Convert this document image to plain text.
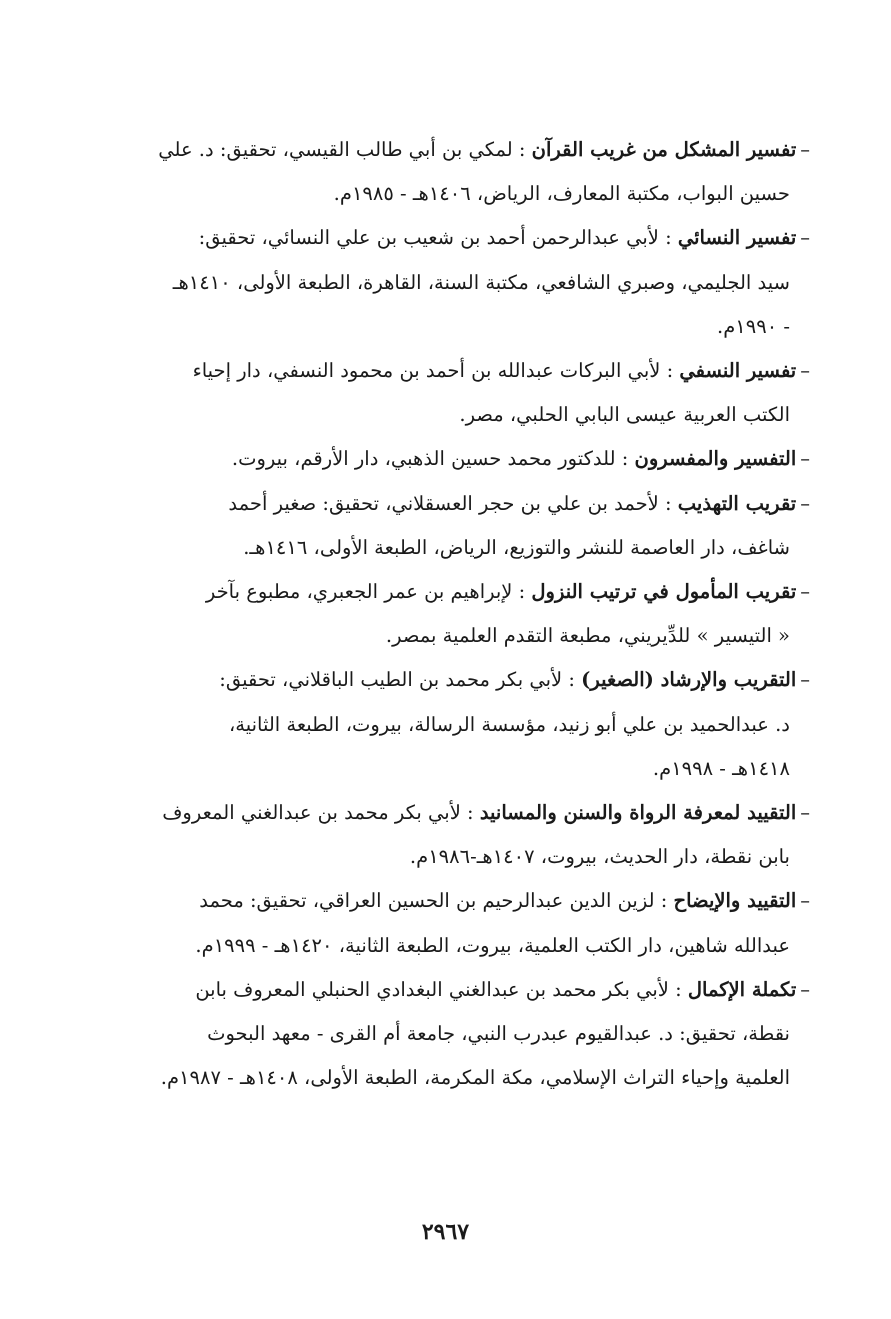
–تفسير المشكل من غريب القرآن : لمكي بن أبي طالب القيسي، تحقيق: د. علي
حسين البواب، مكتبة المعارف، الرياض، ١٤٠٦هـ - ١٩٨٥م.

–تفسير النسائي : لأبي عبدالرحمن أحمد بن شعيب بن علي النسائي، تحقيق:
سيد الجليمي، وصبري الشافعي، مكتبة السنة، القاهرة، الطبعة الأولى، ١٤١٠هـ
- ١٩٩٠م.

–تفسير النسفي : لأبي البركات عبدالله بن أحمد بن محمود النسفي، دار إحياء
الكتب العربية عيسى البابي الحلبي، مصر.

–التفسير والمفسرون : للدكتور محمد حسين الذهبي، دار الأرقم، بيروت.

–تقريب التهذيب : لأحمد بن علي بن حجر العسقلاني، تحقيق: صغير أحمد
شاغف، دار العاصمة للنشر والتوزيع، الرياض، الطبعة الأولى، ١٤١٦هـ.

–تقريب المأمول في ترتيب النزول : لإبراهيم بن عمر الجعبري، مطبوع بآخر
« التيسير » للدِّيريني، مطبعة التقدم العلمية بمصر.

–التقريب والإرشاد (الصغير) : لأبي بكر محمد بن الطيب الباقلاني، تحقيق:
د. عبدالحميد بن علي أبو زنيد، مؤسسة الرسالة، بيروت، الطبعة الثانية،
١٤١٨هـ - ١٩٩٨م.

–التقييد لمعرفة الرواة والسنن والمسانيد : لأبي بكر محمد بن عبدالغني المعروف
بابن نقطة، دار الحديث، بيروت، ١٤٠٧هـ-١٩٨٦م.

–التقييد والإيضاح : لزين الدين عبدالرحيم بن الحسين العراقي، تحقيق: محمد
عبدالله شاهين، دار الكتب العلمية، بيروت، الطبعة الثانية، ١٤٢٠هـ - ١٩٩٩م.

–تكملة الإكمال : لأبي بكر محمد بن عبدالغني البغدادي الحنبلي المعروف بابن
نقطة، تحقيق: د. عبدالقيوم عبدرب النبي، جامعة أم القرى - معهد البحوث
العلمية وإحياء التراث الإسلامي، مكة المكرمة، الطبعة الأولى، ١٤٠٨هـ - ١٩٨٧م.

٢٩٦٧
